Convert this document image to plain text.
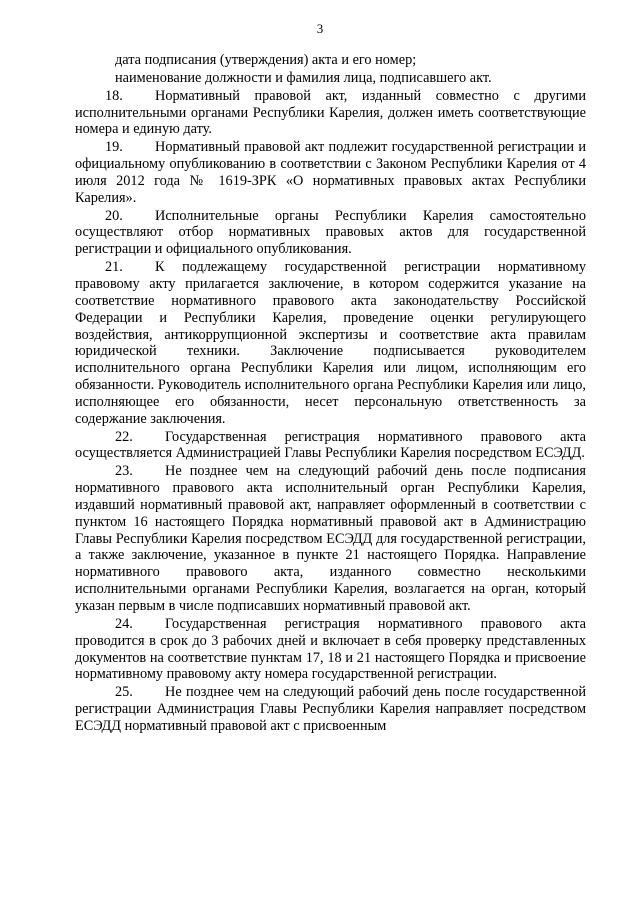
3

дата подписания (утверждения) акта и его номер;

наименование должности и фамилия лица, подписавшего акт.

18. Нормативный правовой акт, изданный совместно с другими исполнительными органами Республики Карелия, должен иметь соответствующие номера и единую дату.

19. Нормативный правовой акт подлежит государственной регистрации и официальному опубликованию в соответствии с Законом Республики Карелия от 4 июля 2012 года № 1619-ЗРК «О нормативных правовых актах Республики Карелия».

20. Исполнительные органы Республики Карелия самостоятельно осуществляют отбор нормативных правовых актов для государственной регистрации и официального опубликования.

21. К подлежащему государственной регистрации нормативному правовому акту прилагается заключение, в котором содержится указание на соответствие нормативного правового акта законодательству Российской Федерации и Республики Карелия, проведение оценки регулирующего воздействия, антикоррупционной экспертизы и соответствие акта правилам юридической техники. Заключение подписывается руководителем исполнительного органа Республики Карелия или лицом, исполняющим его обязанности. Руководитель исполнительного органа Республики Карелия или лицо, исполняющее его обязанности, несет персональную ответственность за содержание заключения.

22. Государственная регистрация нормативного правового акта осуществляется Администрацией Главы Республики Карелия посредством ЕСЭДД.

23. Не позднее чем на следующий рабочий день после подписания нормативного правового акта исполнительный орган Республики Карелия, издавший нормативный правовой акт, направляет оформленный в соответствии с пунктом 16 настоящего Порядка нормативный правовой акт в Администрацию Главы Республики Карелия посредством ЕСЭДД для государственной регистрации, а также заключение, указанное в пункте 21 настоящего Порядка. Направление нормативного правового акта, изданного совместно несколькими исполнительными органами Республики Карелия, возлагается на орган, который указан первым в числе подписавших нормативный правовой акт.

24. Государственная регистрация нормативного правового акта проводится в срок до 3 рабочих дней и включает в себя проверку представленных документов на соответствие пунктам 17, 18 и 21 настоящего Порядка и присвоение нормативному правовому акту номера государственной регистрации.

25. Не позднее чем на следующий рабочий день после государственной регистрации Администрация Главы Республики Карелия направляет посредством ЕСЭДД нормативный правовой акт с присвоенным
